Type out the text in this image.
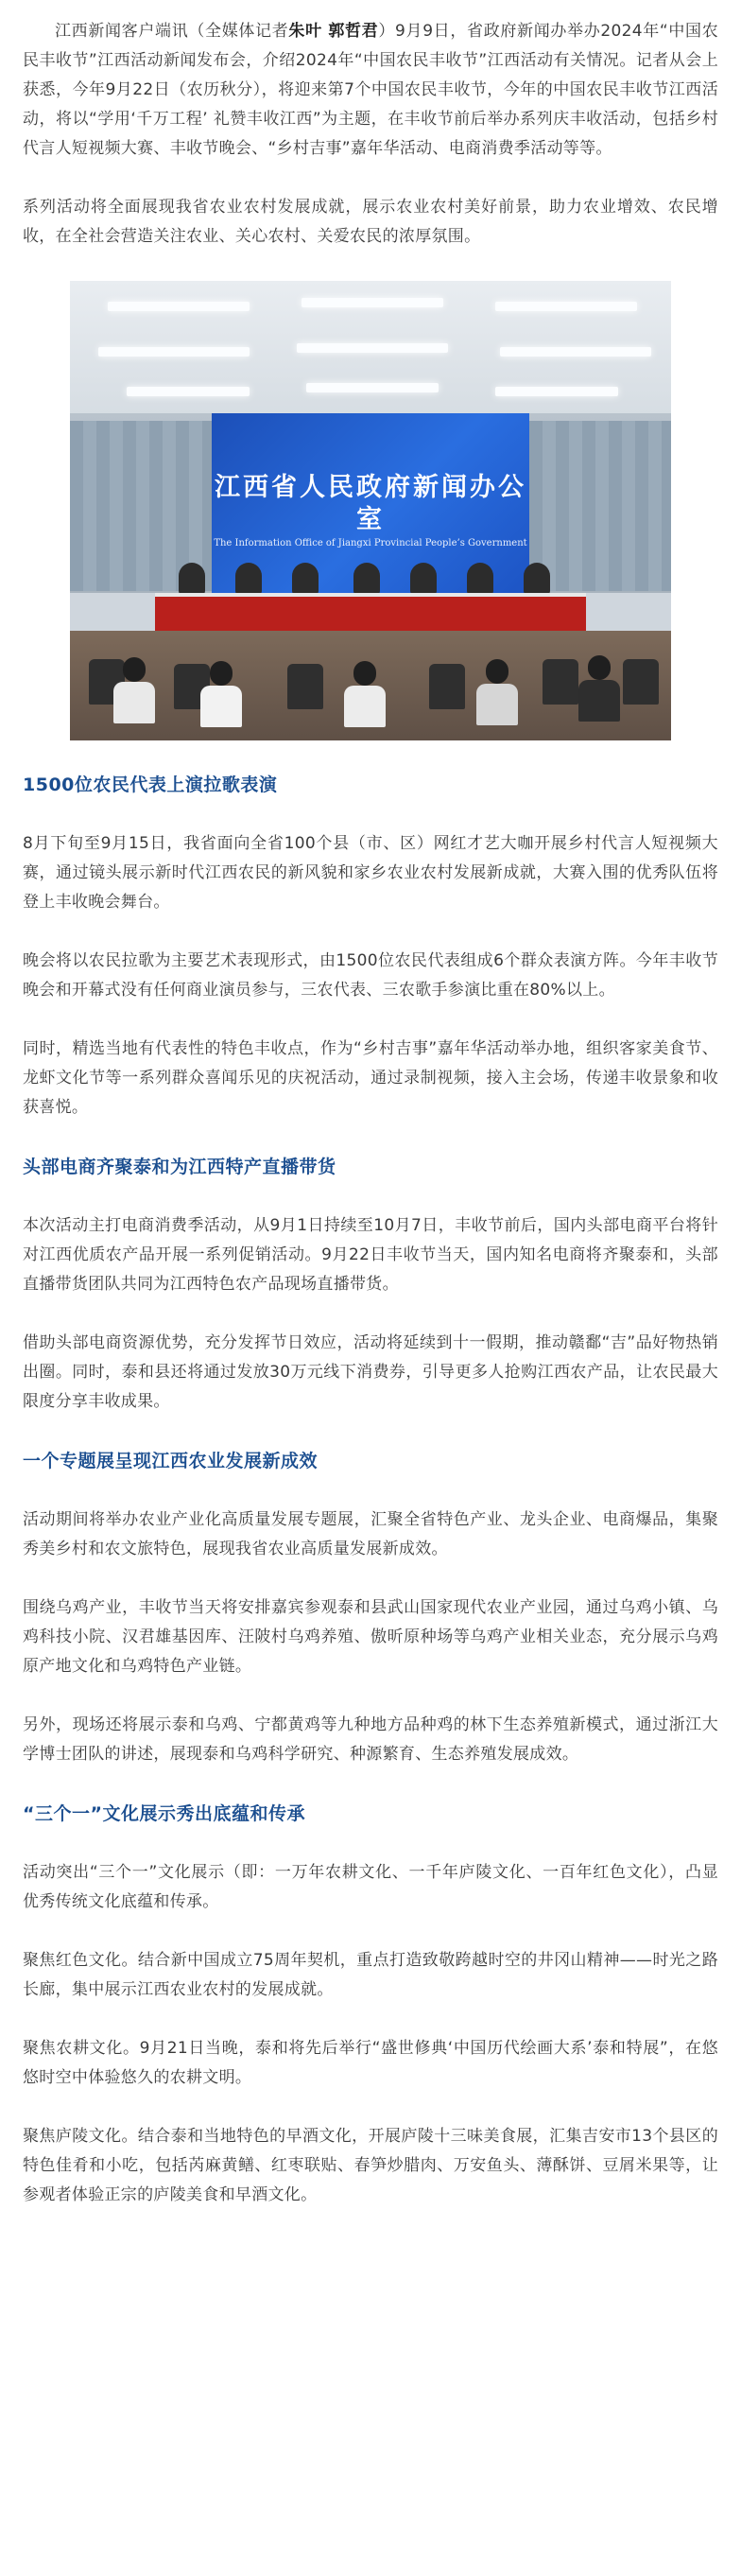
江西新闻客户端讯（全媒体记者朱叶 郭哲君）9月9日，省政府新闻办举办2024年“中国农民丰收节”江西活动新闻发布会，介绍2024年“中国农民丰收节”江西活动有关情况。记者从会上获悉，今年9月22日（农历秋分），将迎来第7个中国农民丰收节，今年的中国农民丰收节江西活动，将以“学用‘千万工程’ 礼赞丰收江西”为主题，在丰收节前后举办系列庆丰收活动，包括乡村代言人短视频大赛、丰收节晚会、“乡村吉事”嘉年华活动、电商消费季活动等等。

系列活动将全面展现我省农业农村发展成就，展示农业农村美好前景，助力农业增效、农民增收，在全社会营造关注农业、关心农村、关爱农民的浓厚氛围。

江西省人民政府新闻办公室
The Information Office of Jiangxi Provincial People’s Government
1500位农民代表上演拉歌表演

8月下旬至9月15日，我省面向全省100个县（市、区）网红才艺大咖开展乡村代言人短视频大赛，通过镜头展示新时代江西农民的新风貌和家乡农业农村发展新成就，大赛入围的优秀队伍将登上丰收晚会舞台。

晚会将以农民拉歌为主要艺术表现形式，由1500位农民代表组成6个群众表演方阵。今年丰收节晚会和开幕式没有任何商业演员参与，三农代表、三农歌手参演比重在80%以上。

同时，精选当地有代表性的特色丰收点，作为“乡村吉事”嘉年华活动举办地，组织客家美食节、龙虾文化节等一系列群众喜闻乐见的庆祝活动，通过录制视频，接入主会场，传递丰收景象和收获喜悦。

头部电商齐聚泰和为江西特产直播带货

本次活动主打电商消费季活动，从9月1日持续至10月7日，丰收节前后，国内头部电商平台将针对江西优质农产品开展一系列促销活动。9月22日丰收节当天，国内知名电商将齐聚泰和，头部直播带货团队共同为江西特色农产品现场直播带货。

借助头部电商资源优势，充分发挥节日效应，活动将延续到十一假期，推动赣鄱“吉”品好物热销出圈。同时，泰和县还将通过发放30万元线下消费券，引导更多人抢购江西农产品，让农民最大限度分享丰收成果。

一个专题展呈现江西农业发展新成效

活动期间将举办农业产业化高质量发展专题展，汇聚全省特色产业、龙头企业、电商爆品，集聚秀美乡村和农文旅特色，展现我省农业高质量发展新成效。

围绕乌鸡产业，丰收节当天将安排嘉宾参观泰和县武山国家现代农业产业园，通过乌鸡小镇、乌鸡科技小院、汉君雄基因库、汪陂村乌鸡养殖、傲昕原种场等乌鸡产业相关业态，充分展示乌鸡原产地文化和乌鸡特色产业链。

另外，现场还将展示泰和乌鸡、宁都黄鸡等九种地方品种鸡的林下生态养殖新模式，通过浙江大学博士团队的讲述，展现泰和乌鸡科学研究、种源繁育、生态养殖发展成效。

“三个一”文化展示秀出底蕴和传承

活动突出“三个一”文化展示（即：一万年农耕文化、一千年庐陵文化、一百年红色文化），凸显优秀传统文化底蕴和传承。

聚焦红色文化。结合新中国成立75周年契机，重点打造致敬跨越时空的井冈山精神——时光之路长廊，集中展示江西农业农村的发展成就。

聚焦农耕文化。9月21日当晚，泰和将先后举行“盛世修典‘中国历代绘画大系’泰和特展”，在悠悠时空中体验悠久的农耕文明。

聚焦庐陵文化。结合泰和当地特色的早酒文化，开展庐陵十三味美食展，汇集吉安市13个县区的特色佳肴和小吃，包括芮麻黄鳝、红枣联贴、春笋炒腊肉、万安鱼头、薄酥饼、豆屑米果等，让参观者体验正宗的庐陵美食和早酒文化。
